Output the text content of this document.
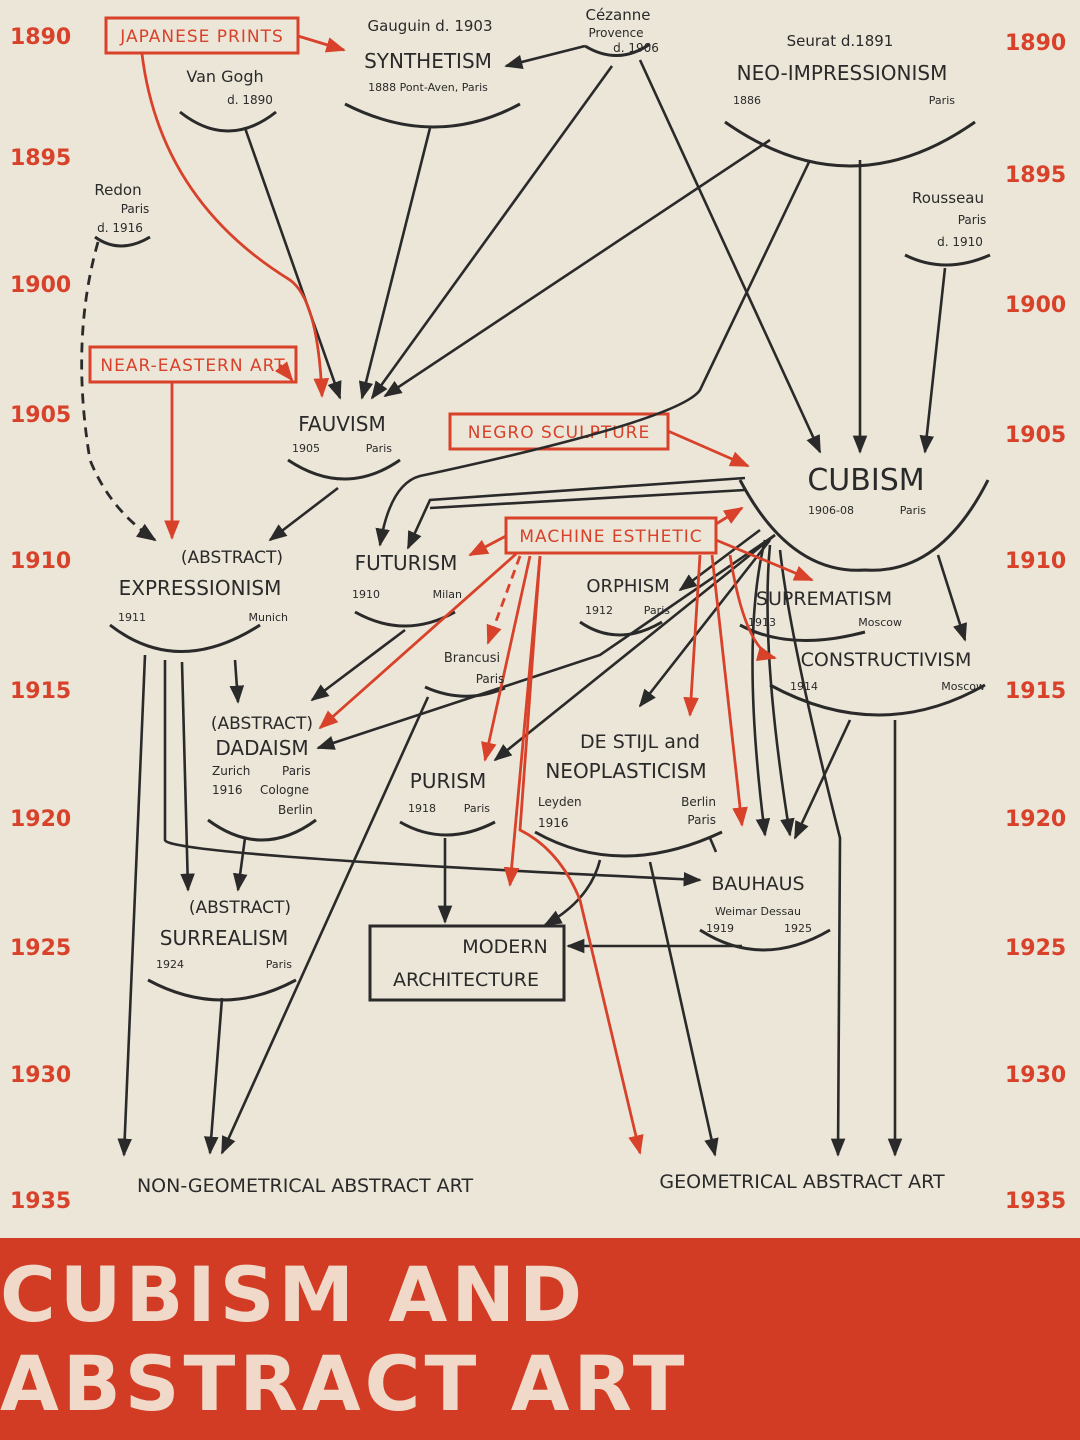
1890
1895
1900
1905
1910
1915
1920
1925
1930
1935
1890
1895
1900
1905
1910
1915
1920
1925
1930
1935
JAPANESE PRINTS
NEAR-EASTERN ART
NEGRO SCULPTURE
MACHINE ESTHETIC
Gauguin d. 1903
SYNTHETISM
1888 Pont-Aven, Paris
Cézanne
Provence
d. 1906	Seurat d.1891
NEO-IMPRESSIONISM
1886	Paris
Van Gogh
d. 1890
Redon
Paris
d. 1916
Rousseau
Paris
d. 1910
FAUVISM
1905	Paris
CUBISM
1906-08	Paris
(ABSTRACT)
EXPRESSIONISM
1911	Munich
FUTURISM
1910	Milan	ORPHISM
1912	Paris
SUPREMATISM
1913	Moscow
CONSTRUCTIVISM
1914	Moscow
Brancusi
Paris
(ABSTRACT)
DADAISM
Zurich	Paris
1916 Cologne
Berlin
DE STIJL and
NEOPLASTICISM
Leyden
1916
Berlin
Paris
PURISM
1918	Paris
BAUHAUS
Weimar Dessau
1919	1925
(ABSTRACT)
SURREALISM
1924	Paris
MODERN
ARCHITECTURE
NON-GEOMETRICAL ABSTRACT ART	GEOMETRICAL ABSTRACT ART
CUBISM AND ABSTRACT ART
